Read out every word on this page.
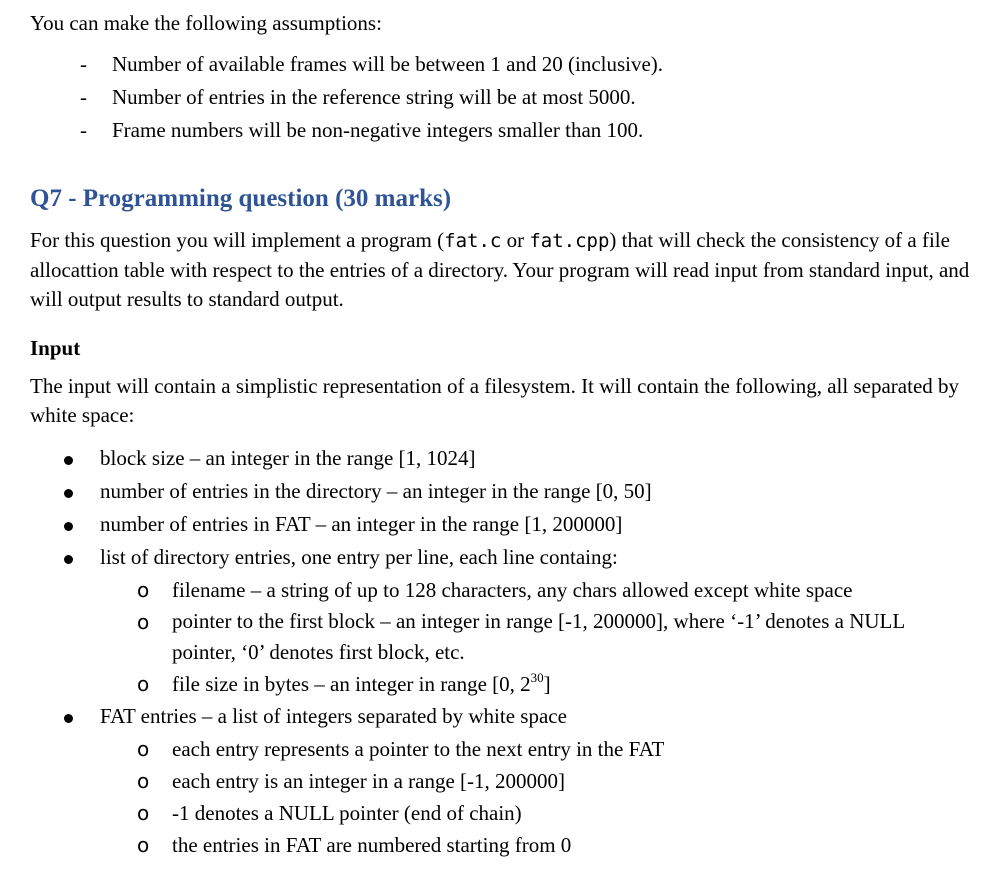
You can make the following assumptions:

- Number of available frames will be between 1 and 20 (inclusive).
- Number of entries in the reference string will be at most 5000.
- Frame numbers will be non-negative integers smaller than 100.
Q7 - Programming question (30 marks)

For this question you will implement a program (fat.c or fat.cpp) that will check the consistency of a file allocattion table with respect to the entries of a directory. Your program will read input from standard input, and will output results to standard output.

Input

The input will contain a simplistic representation of a filesystem. It will contain the following, all separated by white space:

block size – an integer in the range [1, 1024]
number of entries in the directory – an integer in the range [0, 50]
number of entries in FAT – an integer in the range [1, 200000]
list of directory entries, one entry per line, each line containg:
o filename – a string of up to 128 characters, any chars allowed except white space
o pointer to the first block – an integer in range [-1, 200000], where ‘-1’ denotes a NULL pointer, ‘0’ denotes first block, etc.
o file size in bytes – an integer in range [0, $2^{30}$]
FAT entries – a list of integers separated by white space
o each entry represents a pointer to the next entry in the FAT
o each entry is an integer in a range [-1, 200000]
o -1 denotes a NULL pointer (end of chain)
o the entries in FAT are numbered starting from 0
